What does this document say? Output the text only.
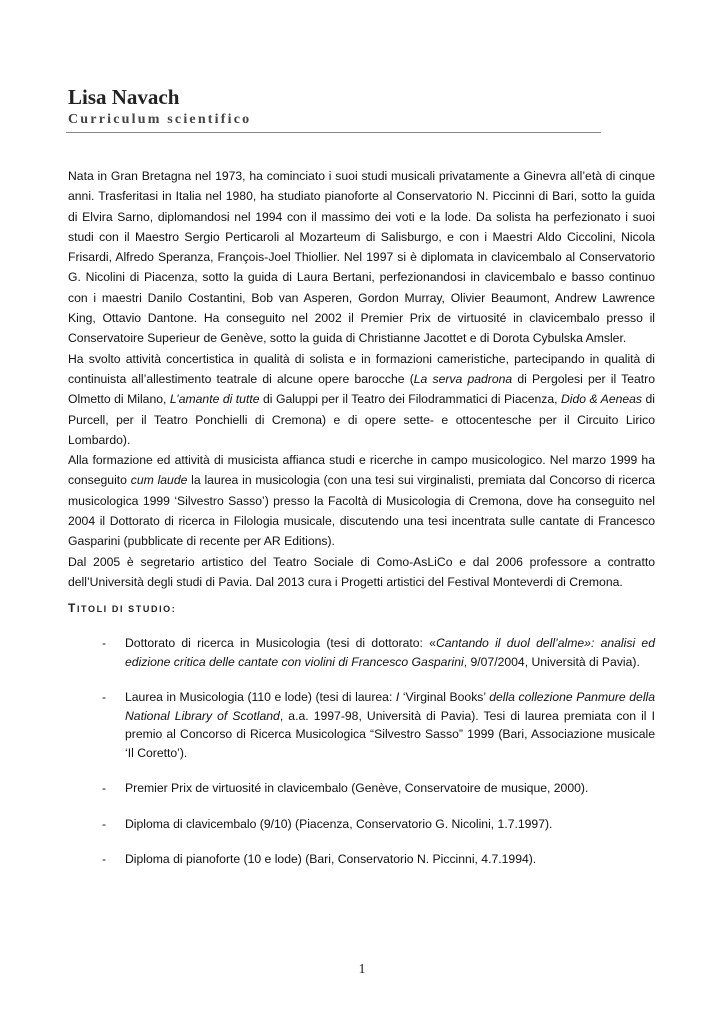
Lisa Navach
Curriculum scientifico

Nata in Gran Bretagna nel 1973, ha cominciato i suoi studi musicali privatamente a Ginevra all’età di cinque anni. Trasferitasi in Italia nel 1980, ha studiato pianoforte al Conservatorio N. Piccinni di Bari, sotto la guida di Elvira Sarno, diplomandosi nel 1994 con il massimo dei voti e la lode. Da solista ha perfezionato i suoi studi con il Maestro Sergio Perticaroli al Mozarteum di Salisburgo, e con i Maestri Aldo Ciccolini, Nicola Frisardi, Alfredo Speranza, François-Joel Thiollier. Nel 1997 si è diplomata in clavicembalo al Conservatorio G. Nicolini di Piacenza, sotto la guida di Laura Bertani, perfezionandosi in clavicembalo e basso continuo con i maestri Danilo Costantini, Bob van Asperen, Gordon Murray, Olivier Beaumont, Andrew Lawrence King, Ottavio Dantone. Ha conseguito nel 2002 il Premier Prix de virtuosité in clavicembalo presso il Conservatoire Superieur de Genève, sotto la guida di Christianne Jacottet e di Dorota Cybulska Amsler.

Ha svolto attività concertistica in qualità di solista e in formazioni cameristiche, partecipando in qualità di continuista all’allestimento teatrale di alcune opere barocche (La serva padrona di Pergolesi per il Teatro Olmetto di Milano, L’amante di tutte di Galuppi per il Teatro dei Filodrammatici di Piacenza, Dido & Aeneas di Purcell, per il Teatro Ponchielli di Cremona) e di opere sette- e ottocentesche per il Circuito Lirico Lombardo).

Alla formazione ed attività di musicista affianca studi e ricerche in campo musicologico. Nel marzo 1999 ha conseguito cum laude la laurea in musicologia (con una tesi sui virginalisti, premiata dal Concorso di ricerca musicologica 1999 ‘Silvestro Sasso’) presso la Facoltà di Musicologia di Cremona, dove ha conseguito nel 2004 il Dottorato di ricerca in Filologia musicale, discutendo una tesi incentrata sulle cantate di Francesco Gasparini (pubblicate di recente per AR Editions).

Dal 2005 è segretario artistico del Teatro Sociale di Como-AsLiCo e dal 2006 professore a contratto dell’Università degli studi di Pavia. Dal 2013 cura i Progetti artistici del Festival Monteverdi di Cremona.

TITOLI DI STUDIO:
- Dottorato di ricerca in Musicologia (tesi di dottorato: «Cantando il duol dell’alme»: analisi ed edizione critica delle cantate con violini di Francesco Gasparini, 9/07/2004, Università di Pavia).
- Laurea in Musicologia (110 e lode) (tesi di laurea: I ‘Virginal Books’ della collezione Panmure della National Library of Scotland, a.a. 1997-98, Università di Pavia). Tesi di laurea premiata con il I premio al Concorso di Ricerca Musicologica “Silvestro Sasso” 1999 (Bari, Associazione musicale ‘Il Coretto’).
- Premier Prix de virtuosité in clavicembalo (Genève, Conservatoire de musique, 2000).
- Diploma di clavicembalo (9/10) (Piacenza, Conservatorio G. Nicolini, 1.7.1997).
- Diploma di pianoforte (10 e lode) (Bari, Conservatorio N. Piccinni, 4.7.1994).
1
